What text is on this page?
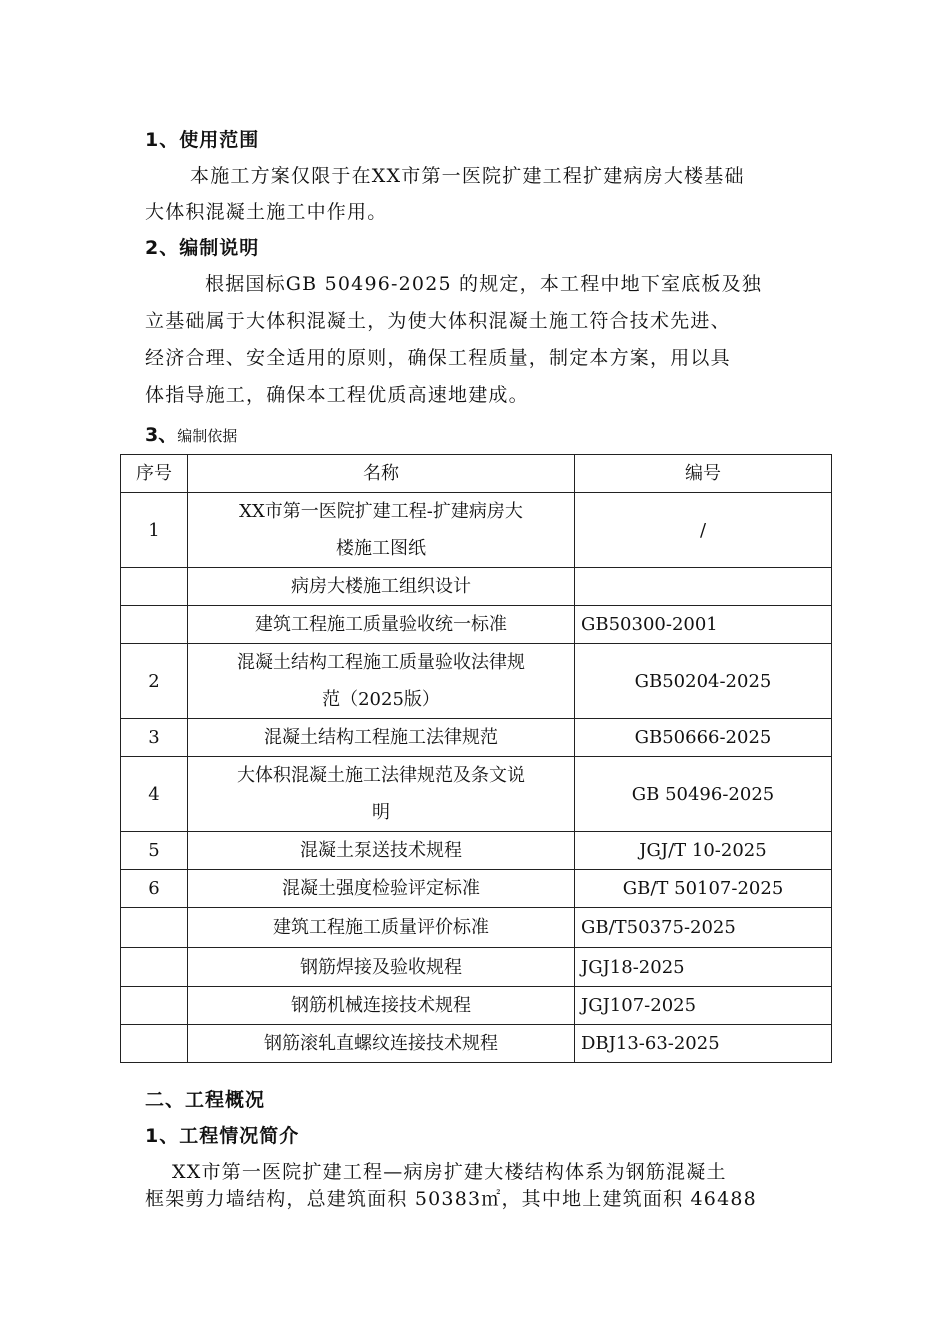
1、使用范围
本施工方案仅限于在XX市第一医院扩建工程扩建病房大楼基础
大体积混凝土施工中作用。
2、编制说明
根据国标GB 50496-2025 的规定，本工程中地下室底板及独
立基础属于大体积混凝土，为使大体积混凝土施工符合技术先进、
经济合理、安全适用的原则，确保工程质量，制定本方案，用以具
体指导施工，确保本工程优质高速地建成。
3、编制依据
序号	名称	编号
1	XX市第一医院扩建工程-扩建病房大
楼施工图纸	/
	病房大楼施工组织设计	
	建筑工程施工质量验收统一标准	GB50300-2001
2	混凝土结构工程施工质量验收法律规
范（2025版）	GB50204-2025
3	混凝土结构工程施工法律规范	GB50666-2025
4	大体积混凝土施工法律规范及条文说
明	GB 50496-2025
5	混凝土泵送技术规程	JGJ/T 10-2025
6	混凝土强度检验评定标准	GB/T 50107-2025
	建筑工程施工质量评价标准	GB/T50375-2025
	钢筋焊接及验收规程	JGJ18-2025
	钢筋机械连接技术规程	JGJ107-2025
	钢筋滚轧直螺纹连接技术规程	DBJ13-63-2025
二、工程概况
1、工程情况简介
XX市第一医院扩建工程—病房扩建大楼结构体系为钢筋混凝土
框架剪力墙结构，总建筑面积 50383㎡，其中地上建筑面积 46488
